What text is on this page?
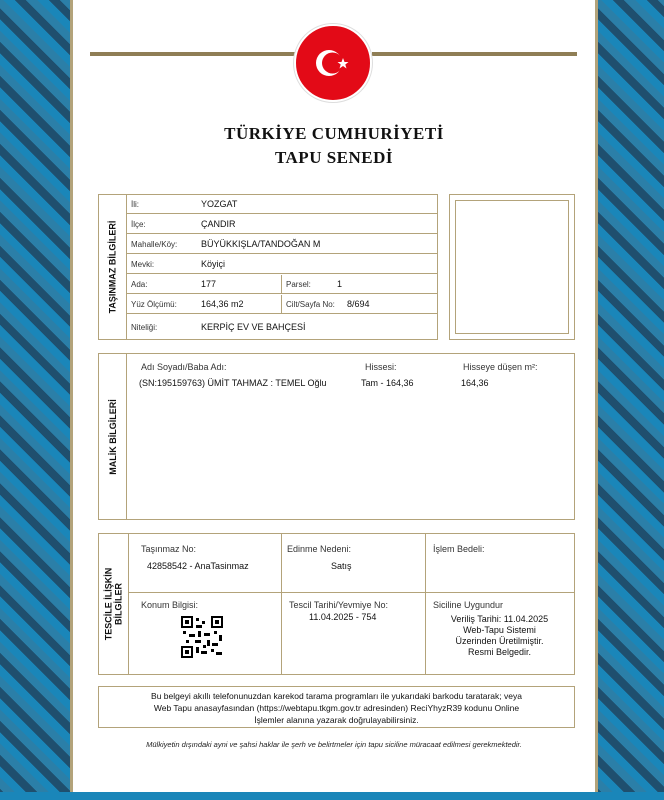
TÜRKİYE CUMHURİYETİ
TAPU SENEDİ
TAŞINMAZ BİLGİLERİ
İli:	YOZGAT
İlçe:	ÇANDIR
Mahalle/Köy:	BÜYÜKKIŞLA/TANDOĞAN M
Mevki:	Köyiçi
Ada:	177	Parsel:	1
Yüz Ölçümü:	164,36 m2	Cilt/Sayfa No:	8/694
Niteliği:	KERPİÇ EV VE BAHÇESİ
MALİK BİLGİLERİ
Adı Soyadı/Baba Adı:	Hissesi:	Hisseye düşen m²:
(SN:195159763) ÜMİT TAHMAZ : TEMEL Oğlu	Tam - 164,36	164,36
TESCİLE İLİŞKİN
BİLGİLER
Taşınmaz No:
42858542 - AnaTasinmaz
Edinme Nedeni:
Satış
İşlem Bedeli:
Konum Bilgisi:	Tescil Tarihi/Yevmiye No:
11.04.2025 - 754
Siciline Uygundur
Veriliş Tarihi: 11.04.2025
Web-Tapu Sistemi
Üzerinden Üretilmiştir.
Resmi Belgedir.
Bu belgeyi akıllı telefonunuzdan karekod tarama programları ile yukarıdaki barkodu taratarak; veya
Web Tapu anasayfasından (https://webtapu.tkgm.gov.tr adresinden) ReciYhyzR39 kodunu Online
İşlemler alanına yazarak doğrulayabilirsiniz.
Mülkiyetin dışındaki ayni ve şahsi haklar ile şerh ve belirtmeler için tapu siciline müracaat edilmesi gerekmektedir.
